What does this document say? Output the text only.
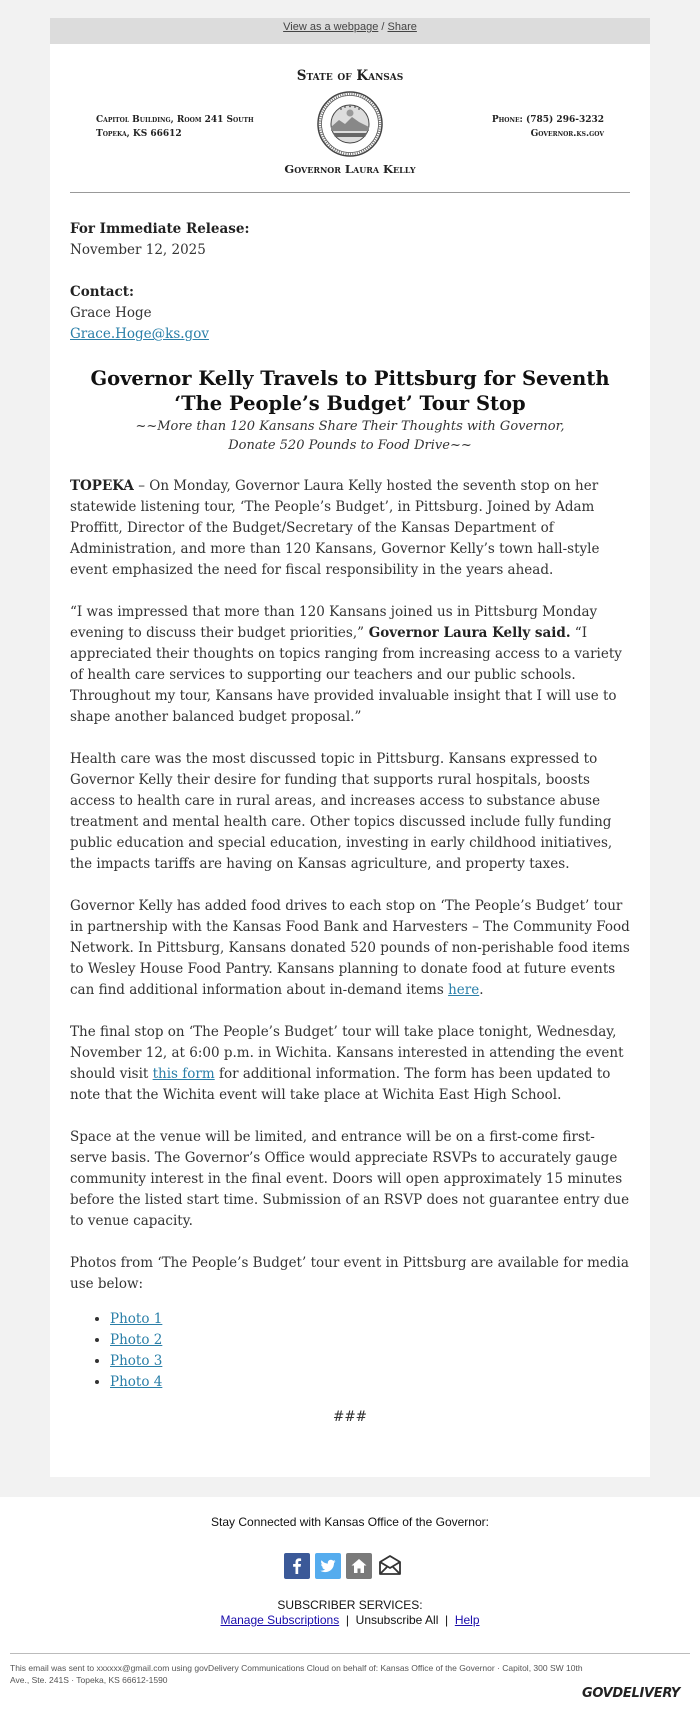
View as a webpage / Share
State of Kansas
Capitol Building, Room 241 South
Topeka, KS 66612
Phone: (785) 296-3232
Governor.ks.gov
Governor Laura Kelly

For Immediate Release:
November 12, 2025

Contact:
Grace Hoge
Grace.Hoge@ks.gov

Governor Kelly Travels to Pittsburg for Seventh ‘The People’s Budget’ Tour Stop
~~More than 120 Kansans Share Their Thoughts with Governor,
Donate 520 Pounds to Food Drive~~

TOPEKA – On Monday, Governor Laura Kelly hosted the seventh stop on her statewide listening tour, ‘The People’s Budget’, in Pittsburg. Joined by Adam Proffitt, Director of the Budget/Secretary of the Kansas Department of Administration, and more than 120 Kansans, Governor Kelly’s town hall-style event emphasized the need for fiscal responsibility in the years ahead.

“I was impressed that more than 120 Kansans joined us in Pittsburg Monday evening to discuss their budget priorities,” Governor Laura Kelly said. “I appreciated their thoughts on topics ranging from increasing access to a variety of health care services to supporting our teachers and our public schools. Throughout my tour, Kansans have provided invaluable insight that I will use to shape another balanced budget proposal.”

Health care was the most discussed topic in Pittsburg. Kansans expressed to Governor Kelly their desire for funding that supports rural hospitals, boosts access to health care in rural areas, and increases access to substance abuse treatment and mental health care. Other topics discussed include fully funding public education and special education, investing in early childhood initiatives, the impacts tariffs are having on Kansas agriculture, and property taxes.

Governor Kelly has added food drives to each stop on ‘The People’s Budget’ tour in partnership with the Kansas Food Bank and Harvesters – The Community Food Network. In Pittsburg, Kansans donated 520 pounds of non-perishable food items to Wesley House Food Pantry. Kansans planning to donate food at future events can find additional information about in-demand items here.

The final stop on ‘The People’s Budget’ tour will take place tonight, Wednesday, November 12, at 6:00 p.m. in Wichita. Kansans interested in attending the event should visit this form for additional information. The form has been updated to note that the Wichita event will take place at Wichita East High School.

Space at the venue will be limited, and entrance will be on a first-come first-serve basis. The Governor’s Office would appreciate RSVPs to accurately gauge community interest in the final event. Doors will open approximately 15 minutes before the listed start time. Submission of an RSVP does not guarantee entry due to venue capacity.

Photos from ‘The People’s Budget’ tour event in Pittsburg are available for media use below:

• Photo 1
• Photo 2
• Photo 3
• Photo 4
###
Stay Connected with Kansas Office of the Governor:
SUBSCRIBER SERVICES:
Manage Subscriptions | Unsubscribe All | Help
This email was sent to xxxxxx@gmail.com using govDelivery Communications Cloud on behalf of: Kansas Office of the Governor · Capitol, 300 SW 10th Ave., Ste. 241S · Topeka, KS 66612-1590
GOVDELIVERY
